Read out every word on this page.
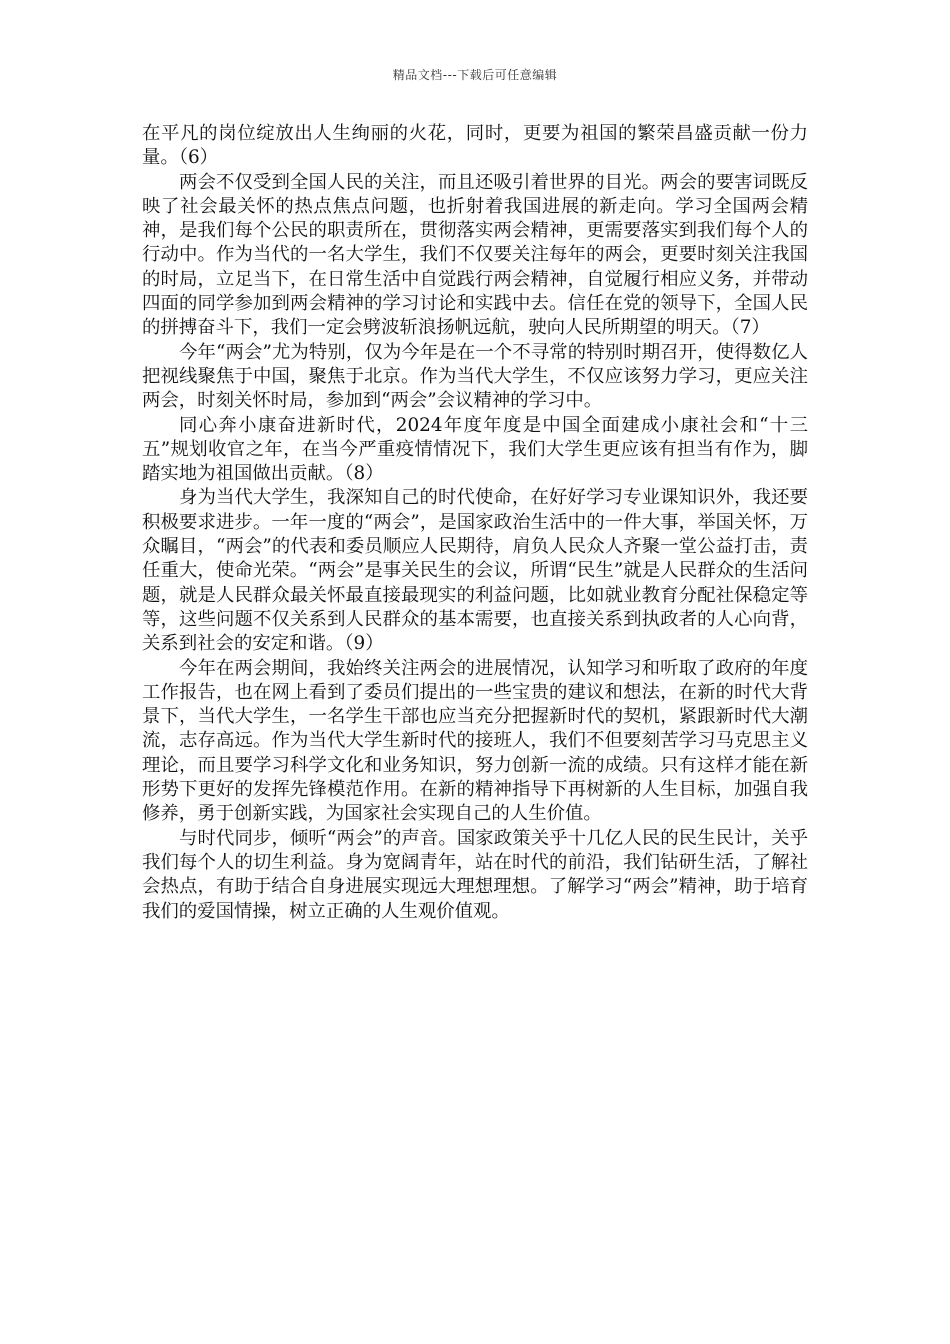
精品文档---下载后可任意编辑

在平凡的岗位绽放出人生绚丽的火花，同时，更要为祖国的繁荣昌盛贡献一份力量。（6）

两会不仅受到全国人民的关注，而且还吸引着世界的目光。两会的要害词既反映了社会最关怀的热点焦点问题，也折射着我国进展的新走向。学习全国两会精神，是我们每个公民的职责所在，贯彻落实两会精神，更需要落实到我们每个人的行动中。作为当代的一名大学生，我们不仅要关注每年的两会，更要时刻关注我国的时局，立足当下，在日常生活中自觉践行两会精神，自觉履行相应义务，并带动四面的同学参加到两会精神的学习讨论和实践中去。信任在党的领导下，全国人民的拼搏奋斗下，我们一定会劈波斩浪扬帆远航，驶向人民所期望的明天。（7）

今年“两会”尤为特别，仅为今年是在一个不寻常的特别时期召开，使得数亿人把视线聚焦于中国，聚焦于北京。作为当代大学生，不仅应该努力学习，更应关注两会，时刻关怀时局，参加到“两会”会议精神的学习中。

同心奔小康奋进新时代，2024年度年度是中国全面建成小康社会和“十三五”规划收官之年，在当今严重疫情情况下，我们大学生更应该有担当有作为，脚踏实地为祖国做出贡献。（8）

身为当代大学生，我深知自己的时代使命，在好好学习专业课知识外，我还要积极要求进步。一年一度的“两会”，是国家政治生活中的一件大事，举国关怀，万众瞩目，“两会”的代表和委员顺应人民期待，肩负人民众人齐聚一堂公益打击，责任重大，使命光荣。“两会”是事关民生的会议，所谓“民生”就是人民群众的生活问题，就是人民群众最关怀最直接最现实的利益问题，比如就业教育分配社保稳定等等，这些问题不仅关系到人民群众的基本需要，也直接关系到执政者的人心向背，关系到社会的安定和谐。（9）

今年在两会期间，我始终关注两会的进展情况，认知学习和听取了政府的年度工作报告，也在网上看到了委员们提出的一些宝贵的建议和想法，在新的时代大背景下，当代大学生，一名学生干部也应当充分把握新时代的契机，紧跟新时代大潮流，志存高远。作为当代大学生新时代的接班人，我们不但要刻苦学习马克思主义理论，而且要学习科学文化和业务知识，努力创新一流的成绩。只有这样才能在新形势下更好的发挥先锋模范作用。在新的精神指导下再树新的人生目标，加强自我修养，勇于创新实践，为国家社会实现自己的人生价值。

与时代同步，倾听“两会”的声音。国家政策关乎十几亿人民的民生民计，关乎我们每个人的切生利益。身为宽阔青年，站在时代的前沿，我们钻研生活，了解社会热点，有助于结合自身进展实现远大理想理想。了解学习“两会”精神，助于培育我们的爱国情操，树立正确的人生观价值观。
